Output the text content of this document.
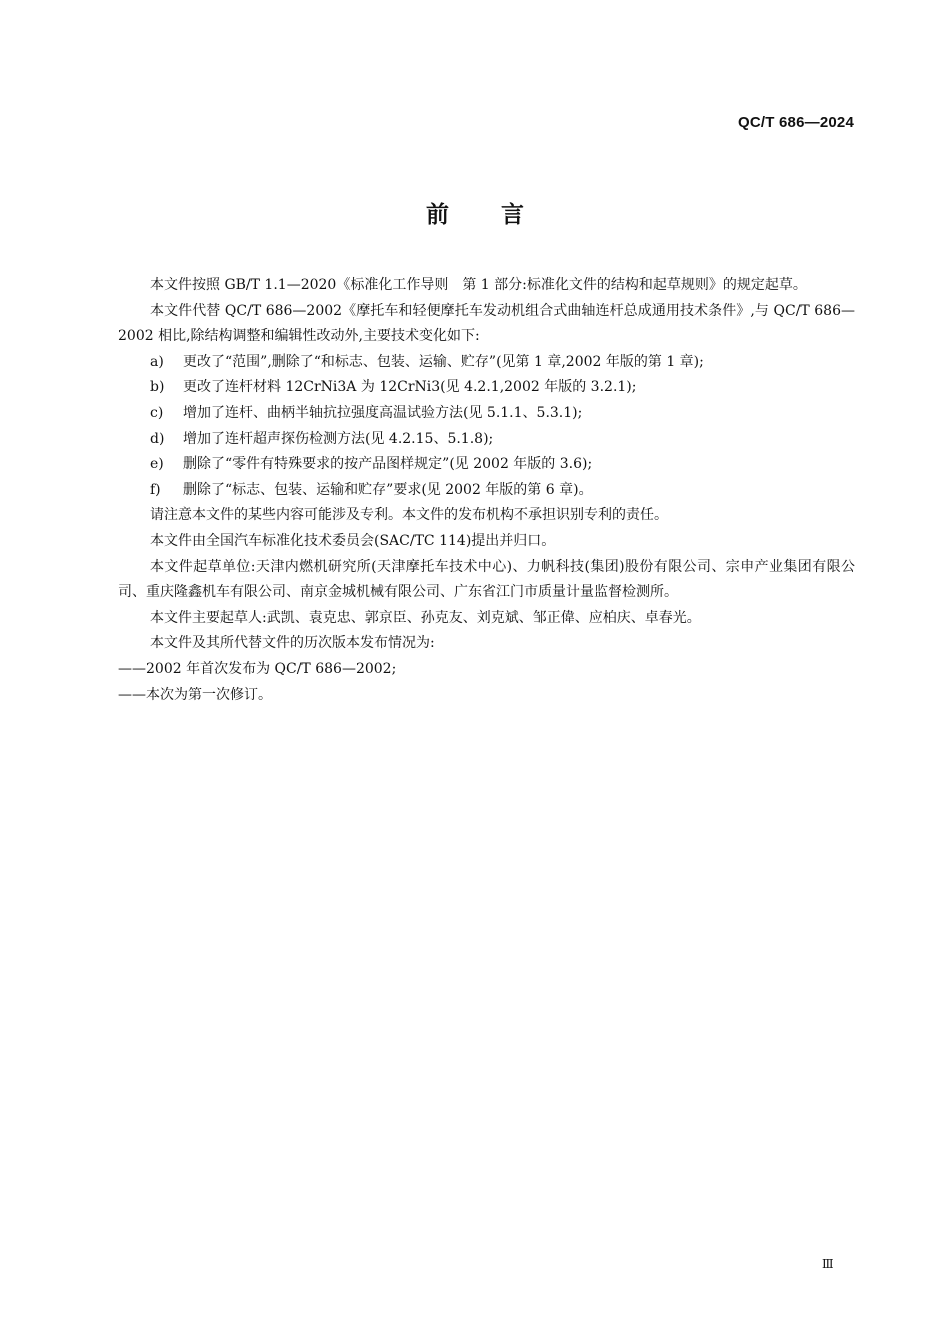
QC/T 686—2024
前 言

本文件按照 GB/T 1.1—2020《标准化工作导则　第 1 部分:标准化文件的结构和起草规则》的规定起草。

本文件代替 QC/T 686—2002《摩托车和轻便摩托车发动机组合式曲轴连杆总成通用技术条件》,与 QC/T 686—2002 相比,除结构调整和编辑性改动外,主要技术变化如下:

a)	更改了“范围”,删除了“和标志、包装、运输、贮存”(见第 1 章,2002 年版的第 1 章);
b)	更改了连杆材料 12CrNi3A 为 12CrNi3(见 4.2.1,2002 年版的 3.2.1);
c)	增加了连杆、曲柄半轴抗拉强度高温试验方法(见 5.1.1、5.3.1);
d)	增加了连杆超声探伤检测方法(见 4.2.15、5.1.8);
e)	删除了“零件有特殊要求的按产品图样规定”(见 2002 年版的 3.6);
f)	删除了“标志、包装、运输和贮存”要求(见 2002 年版的第 6 章)。

请注意本文件的某些内容可能涉及专利。本文件的发布机构不承担识别专利的责任。

本文件由全国汽车标准化技术委员会(SAC/TC 114)提出并归口。

本文件起草单位:天津内燃机研究所(天津摩托车技术中心)、力帆科技(集团)股份有限公司、宗申产业集团有限公司、重庆隆鑫机车有限公司、南京金城机械有限公司、广东省江门市质量计量监督检测所。

本文件主要起草人:武凯、袁克忠、郭京臣、孙克友、刘克斌、邹正偉、应柏庆、卓春光。

本文件及其所代替文件的历次版本发布情况为:

——2002 年首次发布为 QC/T 686—2002;

——本次为第一次修订。

Ⅲ
